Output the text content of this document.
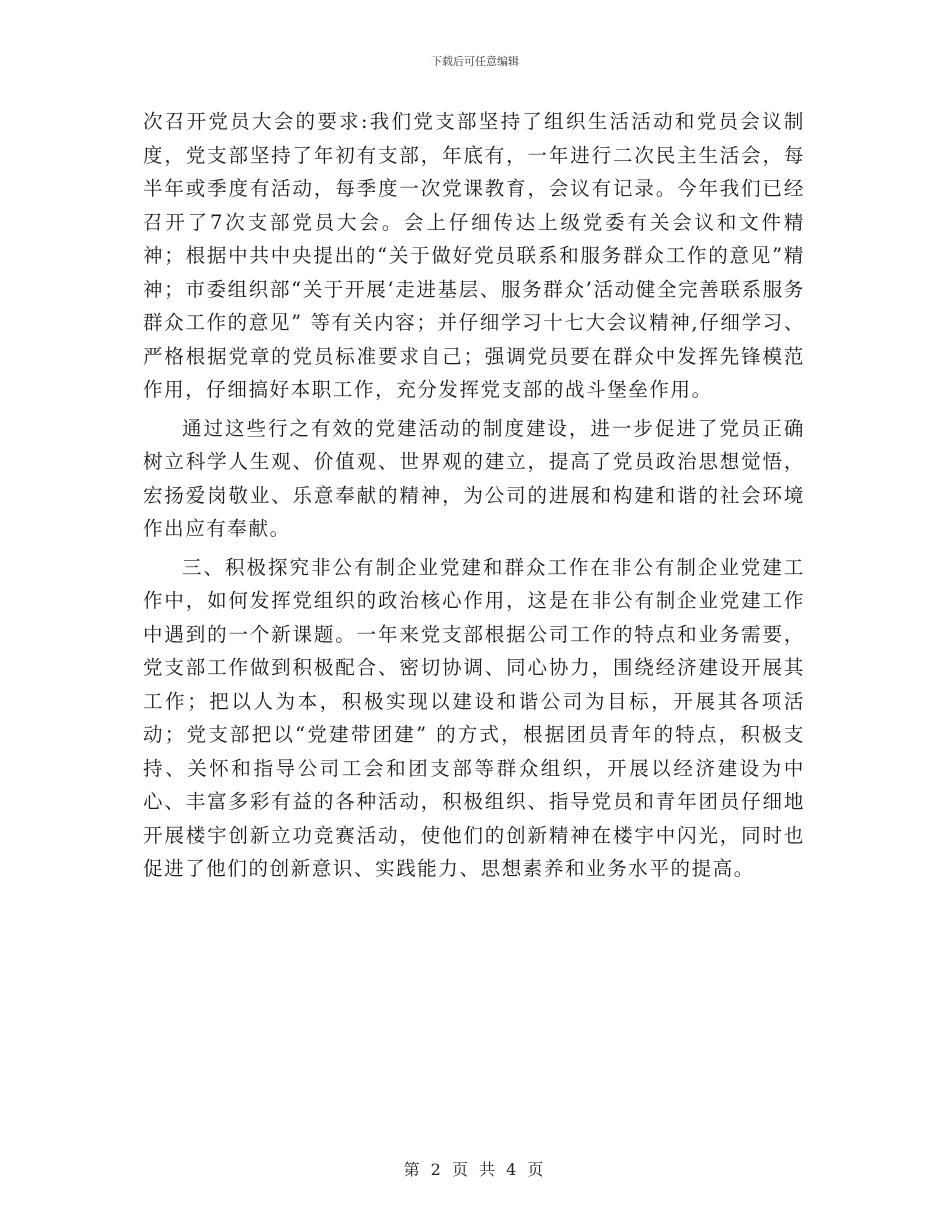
下载后可任意编辑

次召开党员大会的要求:我们党支部坚持了组织生活活动和党员会议制度，党支部坚持了年初有支部，年底有，一年进行二次民主生活会，每半年或季度有活动，每季度一次党课教育，会议有记录。今年我们已经召开了7次支部党员大会。会上仔细传达上级党委有关会议和文件精神；根据中共中央提出的“关于做好党员联系和服务群众工作的意见”精神；市委组织部“关于开展‘走进基层、服务群众’活动健全完善联系服务群众工作的意见” 等有关内容；并仔细学习十七大会议精神,仔细学习、严格根据党章的党员标准要求自己；强调党员要在群众中发挥先锋模范作用，仔细搞好本职工作，充分发挥党支部的战斗堡垒作用。

通过这些行之有效的党建活动的制度建设，进一步促进了党员正确树立科学人生观、价值观、世界观的建立，提高了党员政治思想觉悟，宏扬爱岗敬业、乐意奉献的精神，为公司的进展和构建和谐的社会环境作出应有奉献。

三、积极探究非公有制企业党建和群众工作在非公有制企业党建工作中，如何发挥党组织的政治核心作用，这是在非公有制企业党建工作中遇到的一个新课题。一年来党支部根据公司工作的特点和业务需要，党支部工作做到积极配合、密切协调、同心协力，围绕经济建设开展其工作；把以人为本，积极实现以建设和谐公司为目标，开展其各项活动；党支部把以“党建带团建” 的方式，根据团员青年的特点，积极支持、关怀和指导公司工会和团支部等群众组织，开展以经济建设为中心、丰富多彩有益的各种活动，积极组织、指导党员和青年团员仔细地开展楼宇创新立功竞赛活动，使他们的创新精神在楼宇中闪光，同时也促进了他们的创新意识、实践能力、思想素养和业务水平的提高。

第 2 页 共 4 页
